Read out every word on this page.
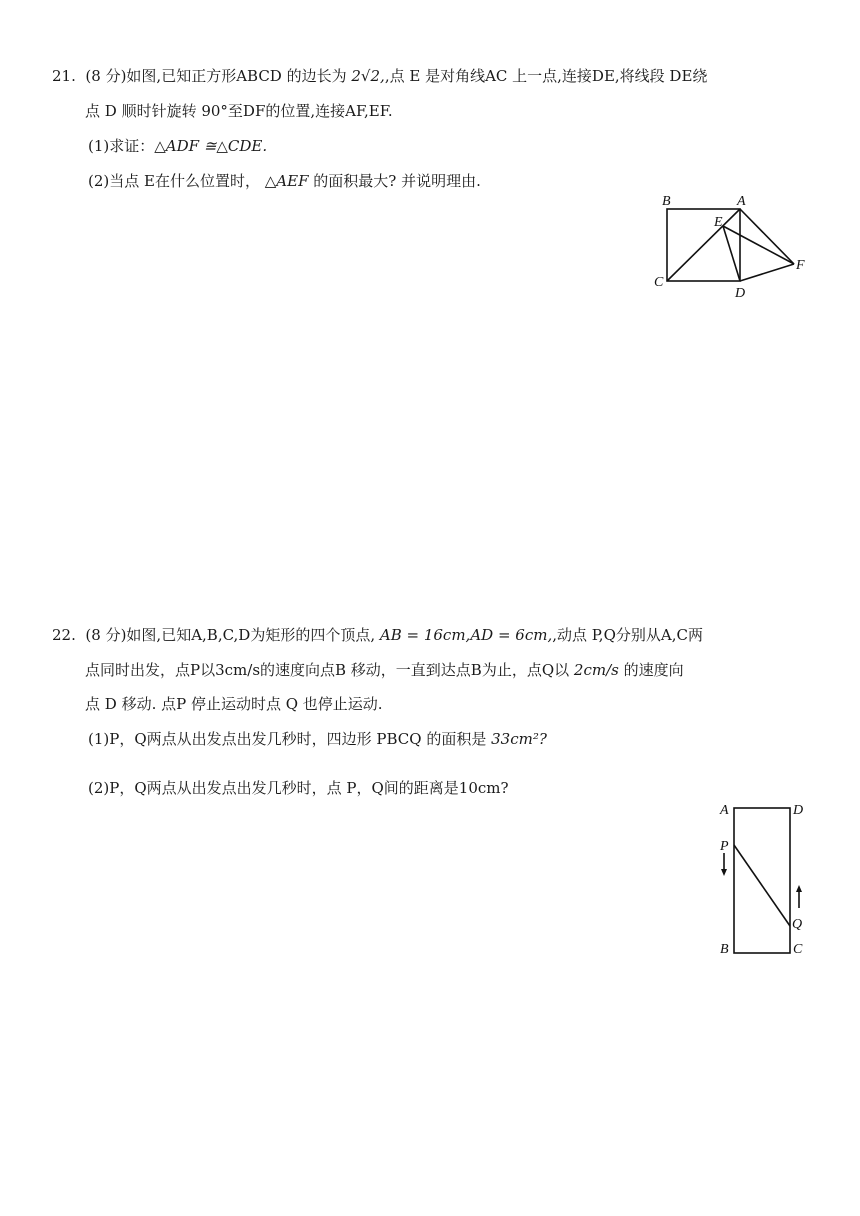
21. (8 分)如图,已知正方形ABCD 的边长为 2√2,,点 E 是对角线AC 上一点,连接DE,将线段 DE绕
点 D 顺时针旋转 90°至DF的位置,连接AF,EF.
(1)求证：△ADF ≅△CDE.
(2)当点 E在什么位置时， △AEF 的面积最大? 并说明理由.
B	A
E
C
D
F
22. (8 分)如图,已知A,B,C,D为矩形的四个顶点, AB = 16cm,AD = 6cm,,动点 P,Q分别从A,C两
点同时出发，点P以3cm/s的速度向点B 移动，一直到达点B为止，点Q以 2cm/s 的速度向
点 D 移动. 点P 停止运动时点 Q 也停止运动.
(1)P，Q两点从出发点出发几秒时，四边形 PBCQ 的面积是 33cm²?
(2)P，Q两点从出发点出发几秒时，点 P，Q间的距离是10cm?
A	D
P
Q
B	C
